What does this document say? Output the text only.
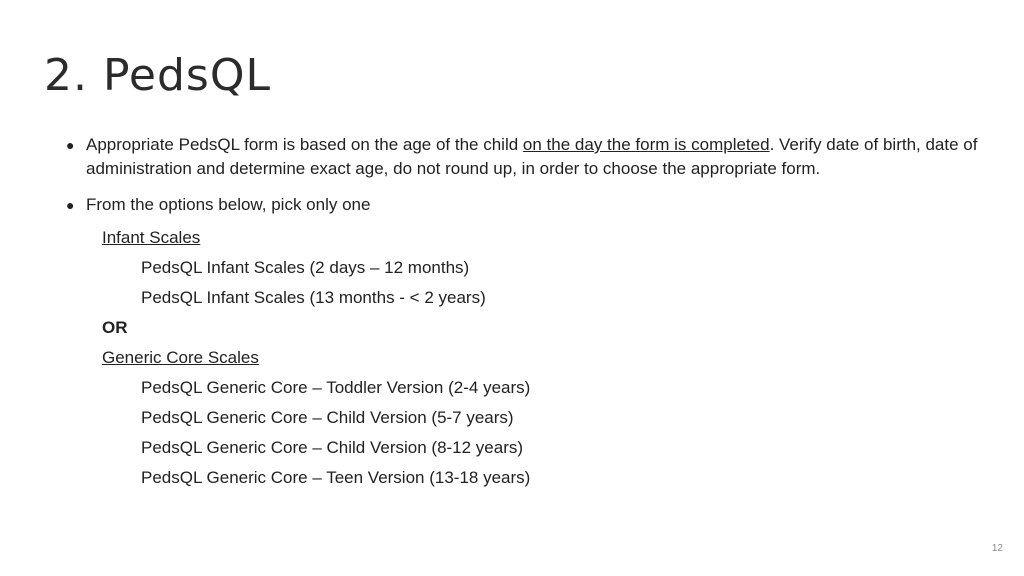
2. PedsQL
● Appropriate PedsQL form is based on the age of the child on the day the form is completed. Verify date of birth, date of administration and determine exact age, do not round up, in order to choose the appropriate form.
● From the options below, pick only one
Infant Scales
PedsQL Infant Scales (2 days – 12 months)
PedsQL Infant Scales (13 months - < 2 years)
OR
Generic Core Scales
PedsQL Generic Core – Toddler Version (2-4 years)
PedsQL Generic Core – Child Version (5-7 years)
PedsQL Generic Core – Child Version (8-12 years)
PedsQL Generic Core – Teen Version (13-18 years)
12
